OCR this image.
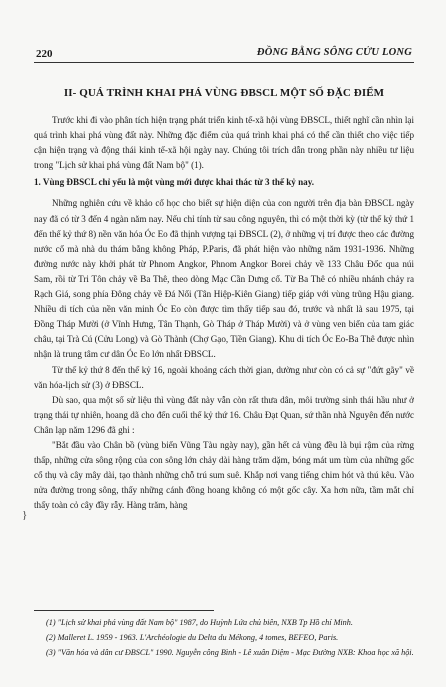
220	ĐỒNG BẰNG SÔNG CỬU LONG
II- QUÁ TRÌNH KHAI PHÁ VÙNG ĐBSCL MỘT SỐ ĐẶC ĐIỂM

Trước khi đi vào phân tích hiện trạng phát triển kinh tế-xã hội vùng ĐBSCL, thiết nghĩ cần nhìn lại quá trình khai phá vùng đất này. Những đặc điểm của quá trình khai phá có thể cần thiết cho việc tiếp cận hiện trạng và động thái kinh tế-xã hội ngày nay. Chúng tôi trích dẫn trong phần này nhiều tư liệu trong "Lịch sử khai phá vùng đất Nam bộ" (1).

1. Vùng ĐBSCL chỉ yếu là một vùng mới được khai thác từ 3 thế kỷ nay.

Những nghiên cứu về khảo cổ học cho biết sự hiện diện của con người trên địa bàn ĐBSCL ngày nay đã có từ 3 đến 4 ngàn năm nay. Nếu chỉ tính từ sau công nguyên, thì có một thời kỳ (từ thế kỷ thứ 1 đến thế kỷ thứ 8) nền văn hóa Óc Eo đã thịnh vượng tại ĐBSCL (2), ở những vị trí được theo các đường nước cổ mà nhà du thám bằng không Pháp, P.Paris, đã phát hiện vào những năm 1931-1936. Những đường nước này khởi phát từ Phnom Angkor, Phnom Angkor Borei chảy về 133 Châu Đốc qua núi Sam, rồi từ Tri Tôn chảy về Ba Thê, theo dòng Mạc Cần Dưng cổ. Từ Ba Thê có nhiều nhánh chảy ra Rạch Giá, song phía Đông chảy về Đá Nổi (Tân Hiệp-Kiên Giang) tiếp giáp với vùng trũng Hậu giang. Nhiều di tích của nền văn minh Óc Eo còn được tìm thấy tiếp sau đó, trước và nhất là sau 1975, tại Đồng Tháp Mười (ở Vĩnh Hưng, Tân Thạnh, Gò Tháp ở Tháp Mười) và ở vùng ven biển của tam giác châu, tại Trà Cú (Cửu Long) và Gò Thành (Chợ Gạo, Tiền Giang). Khu di tích Óc Eo-Ba Thê được nhìn nhận là trung tâm cư dân Óc Eo lớn nhất ĐBSCL.

Từ thế kỷ thứ 8 đến thế kỷ 16, ngoài khoảng cách thời gian, dường như còn có cả sự "đứt gãy" về văn hóa-lịch sử (3) ở ĐBSCL.

Dù sao, qua một số sử liệu thì vùng đất này vẫn còn rất thưa dân, môi trường sinh thái hầu như ở trạng thái tự nhiên, hoang dã cho đến cuối thế kỷ thứ 16. Châu Đạt Quan, sứ thần nhà Nguyên đến nước Chân lạp năm 1296 đã ghi :

"Bắt đầu vào Chân bồ (vùng biển Vũng Tàu ngày nay), gần hết cả vùng đều là bụi rậm của rừng thấp, những cửa sông rộng của con sông lớn chảy dài hàng trăm dặm, bóng mát um tùm của những gốc cổ thụ và cây mây dài, tạo thành những chỗ trú sum suê. Khắp nơi vang tiếng chim hót và thú kêu. Vào nửa đường trong sông, thấy những cánh đồng hoang không có một gốc cây. Xa hơn nữa, tầm mắt chỉ thấy toàn cỏ cây đầy rẫy. Hàng trăm, hàng

}

(1) "Lịch sử khai phá vùng đất Nam bộ" 1987, do Huỳnh Lứa chủ biên, NXB Tp Hồ chí Minh.

(2) Malleret L. 1959 - 1963. L'Archéologie du Delta du Mékong, 4 tomes, BEFEO, Paris.

(3) "Văn hóa và dân cư ĐBSCL" 1990. Nguyễn công Bình - Lê xuân Diệm - Mạc Đường NXB: Khoa học xã hội.
